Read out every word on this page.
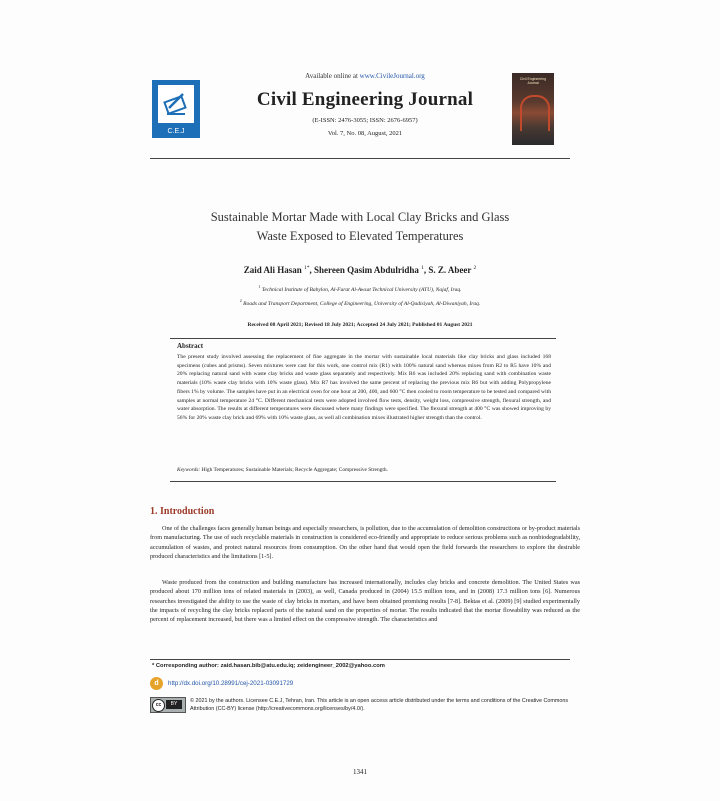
C.E.J
Available online at www.CivileJournal.org
Civil Engineering Journal
(E-ISSN: 2476-3055; ISSN: 2676-6957)
Vol. 7, No. 08, August, 2021
Civil Engineering Journal
Sustainable Mortar Made with Local Clay Bricks and Glass
Waste Exposed to Elevated Temperatures
Zaid Ali Hasan $^{1*}$, Shereen Qasim Abdulridha $^1$, S. Z. Abeer $^2$
$^1$ Technical Institute of Babylon, Al-Furat Al-Awsat Technical University (ATU), Najaf, Iraq.
$^2$ Roads and Transport Department, College of Engineering, University of Al-Qadisiyah, Al-Diwaniyah, Iraq.
Received 08 April 2021; Revised 18 July 2021; Accepted 24 July 2021; Published 01 August 2021
Abstract
The present study involved assessing the replacement of fine aggregate in the mortar with sustainable local materials like clay bricks and glass included 168 specimens (cubes and prisms). Seven mixtures were cast for this work, one control mix (R1) with 100% natural sand whereas mixes from R2 to R5 have 10% and 20% replacing natural sand with waste clay bricks and waste glass separately and respectively. Mix R6 was included 20% replacing sand with combination waste materials (10% waste clay bricks with 10% waste glass). Mix R7 has involved the same percent of replacing the previous mix R6 but with adding Polypropylene fibers 1% by volume. The samples have put in an electrical oven for one hour at 200, 400, and 600 °C then cooled to room temperature to be tested and compared with samples at normal temperature 24 °C. Different mechanical tests were adopted involved flow tests, density, weight loss, compressive strength, flexural strength, and water absorption. The results at different temperatures were discussed where many findings were specified. The flexural strength at 400 °C was showed improving by 56% for 20% waste clay brick and 69% with 10% waste glass, as well all combination mixes illustrated higher strength than the control.
Keywords: High Temperatures; Sustainable Materials; Recycle Aggregate; Compressive Strength.
1. Introduction
One of the challenges faces generally human beings and especially researchers, is pollution, due to the accumulation of demolition constructions or by-product materials from manufacturing. The use of such recyclable materials in construction is considered eco-friendly and appropriate to reduce serious problems such as nonbiodegradability, accumulation of wastes, and protect natural resources from consumption. On the other hand that would open the field forwards the researchers to explore the desirable produced characteristics and the limitations [1-5].
Waste produced from the construction and building manufacture has increased internationally, includes clay bricks and concrete demolition. The United States was produced about 170 million tons of related materials in (2003), as well, Canada produced in (2004) 15.5 million tons, and in (2008) 17.3 million tons [6]. Numerous researches investigated the ability to use the waste of clay bricks in mortars, and have been obtained promising results [7-8]. Bektas et al. (2009) [9] studied experimentally the impacts of recycling the clay bricks replaced parts of the natural sand on the properties of mortar. The results indicated that the mortar flowability was reduced as the percent of replacement increased, but there was a limited effect on the compressive strength. The characteristics and
* Corresponding author: zaid.hasan.bib@atu.edu.iq; zeidengineer_2002@yahoo.com
d	http://dx.doi.org/10.28991/cej-2021-03091729
cc	BY	© 2021 by the authors. Licensee C.E.J, Tehran, Iran. This article is an open access article distributed under the terms and conditions of the Creative Commons Attribution (CC-BY) license (http://creativecommons.org/licenses/by/4.0/).
1341
